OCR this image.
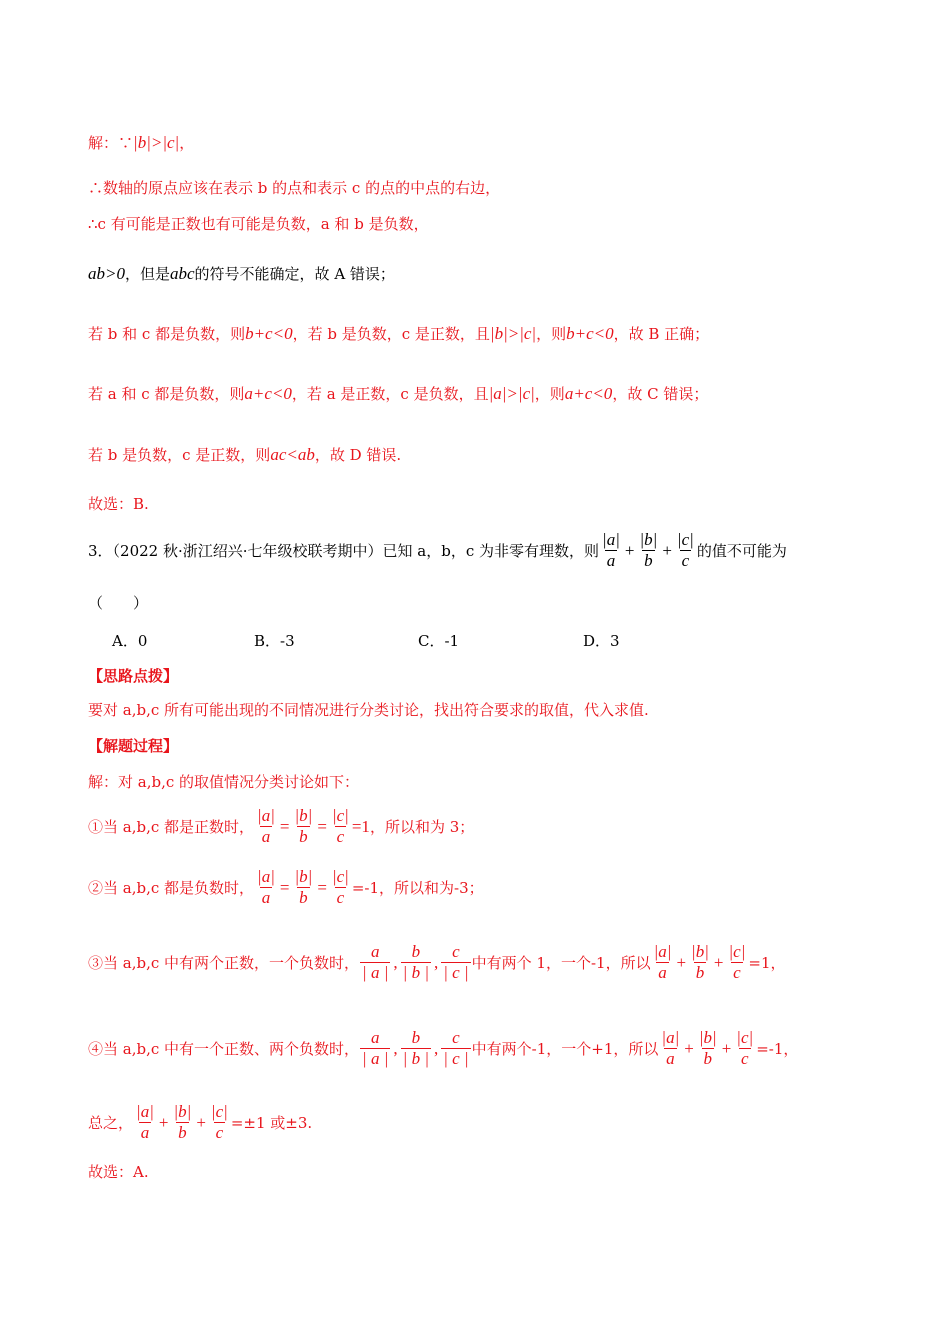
解：∵ |b|>|c| ，
∴数轴的原点应该在表示 b 的点和表示 c 的点的中点的右边，
∴c 有可能是正数也有可能是负数，a 和 b 是负数，
ab>0 ，但是 abc 的符号不能确定，故 A 错误；
若 b 和 c 都是负数，则 b+c<0 ，若 b 是负数，c 是正数，且 |b|>|c| ，则 b+c<0 ，故 B 正确；
若 a 和 c 都是负数，则 a+c<0 ，若 a 是正数，c 是负数，且 |a|>|c| ，则 a+c<0 ，故 C 错误；
若 b 是负数，c 是正数，则 ac<ab ，故 D 错误.
故选：B.
3．（2022 秋·浙江绍兴·七年级校联考期中）已知 a，b，c 为非零有理数，则 $\frac{|a|}{a} + \frac{|b|}{b} + \frac{|c|}{c}$ 的值不可能为
（　　）
A．0	B．-3	C．-1	D．3
【思路点拨】
要对 a,b,c 所有可能出现的不同情况进行分类讨论，找出符合要求的取值，代入求值.
【解题过程】
解：对 a,b,c 的取值情况分类讨论如下：
①当 a,b,c 都是正数时， $\frac{|a|}{a} = \frac{|b|}{b} = \frac{|c|}{c} =1$ ，所以和为 3；
②当 a,b,c 都是负数时， $\frac{|a|}{a} = \frac{|b|}{b} = \frac{|c|}{c} =-1$ ，所以和为-3；
③当 a,b,c 中有两个正数，一个负数时， $\frac{a}{| a |}$ , $\frac{b}{| b |}$ , $\frac{c}{| c |}$ 中有两个 1，一个-1，所以 $\frac{|a|}{a} + \frac{|b|}{b} + \frac{|c|}{c} =1$，
④当 a,b,c 中有一个正数、两个负数时， $\frac{a}{| a |}$ , $\frac{b}{| b |}$ , $\frac{c}{| c |}$ 中有两个-1，一个+1，所以 $\frac{|a|}{a} + \frac{|b|}{b} + \frac{|c|}{c} =-1$，
总之， $\frac{|a|}{a} + \frac{|b|}{b} + \frac{|c|}{c} =\pm 1$ 或±3.
故选：A.
